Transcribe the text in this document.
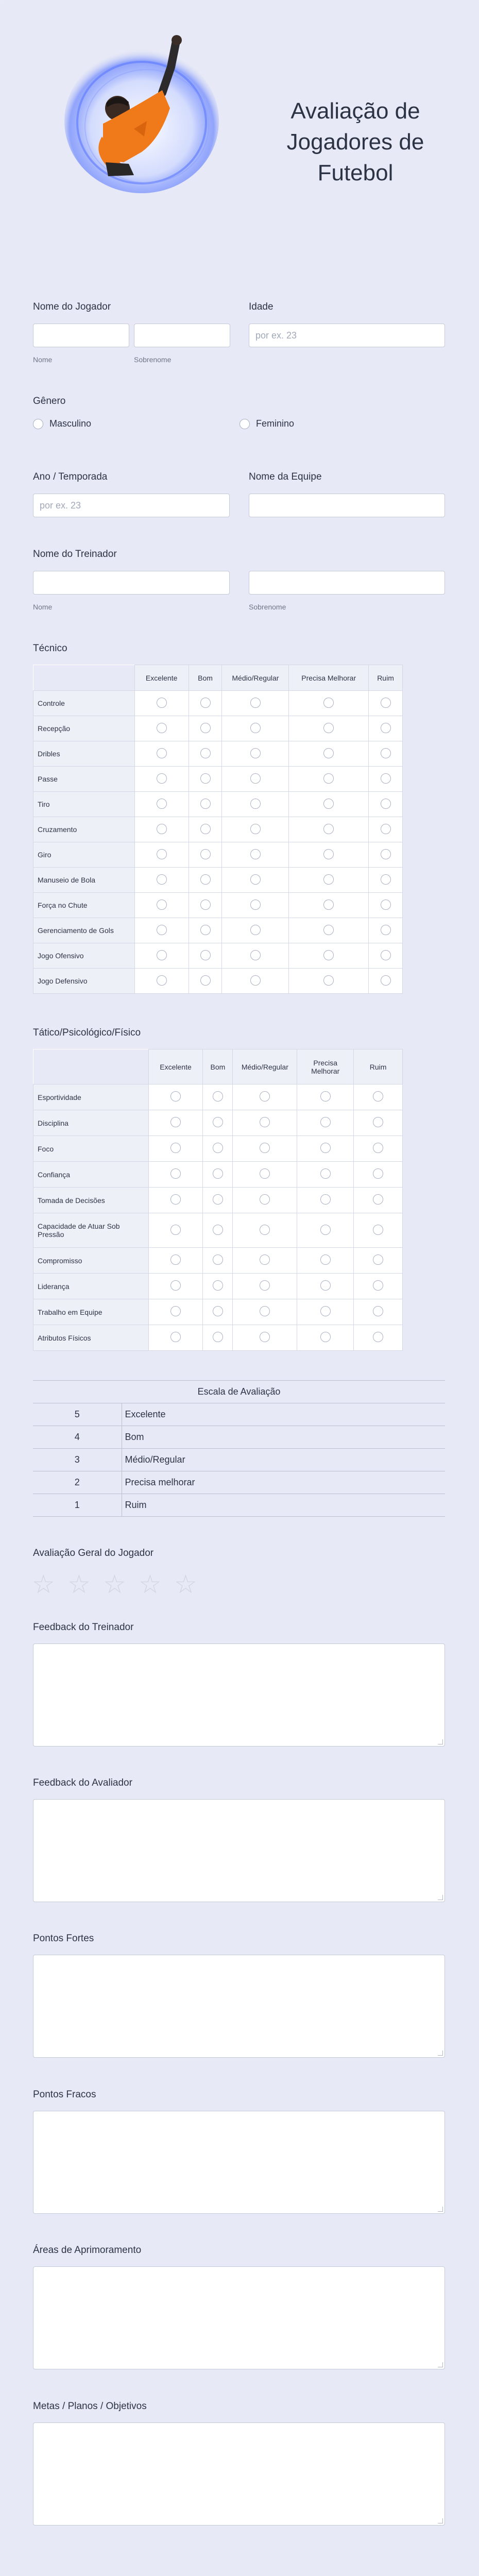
Avaliação de Jogadores de Futebol
Nome do Jogador
Nome	Sobrenome
Idade
por ex. 23
Gênero
Masculino	Feminino
Ano / Temporada
por ex. 23
Nome da Equipe
Nome do Treinador
Nome	Sobrenome
Técnico
	Excelente	Bom	Médio/Regular	Precisa Melhorar	Ruim
Controle					
Recepção					
Dribles					
Passe					
Tiro					
Cruzamento					
Giro					
Manuseio de Bola					
Força no Chute					
Gerenciamento de Gols					
Jogo Ofensivo					
Jogo Defensivo					
Tático/Psicológico/Físico
	Excelente	Bom	Médio/Regular	Precisa Melhorar	Ruim
Esportividade					
Disciplina					
Foco					
Confiança					
Tomada de Decisões					
Capacidade de Atuar Sob Pressão					
Compromisso					
Liderança					
Trabalho em Equipe					
Atributos Físicos					
Escala de Avaliação	
5	Excelente
4	Bom
3	Médio/Regular
2	Precisa melhorar
1	Ruim
Avaliação Geral do Jogador
☆ ☆ ☆ ☆ ☆
Feedback do Treinador
Feedback do Avaliador
Pontos Fortes
Pontos Fracos
Áreas de Aprimoramento
Metas / Planos / Objetivos
